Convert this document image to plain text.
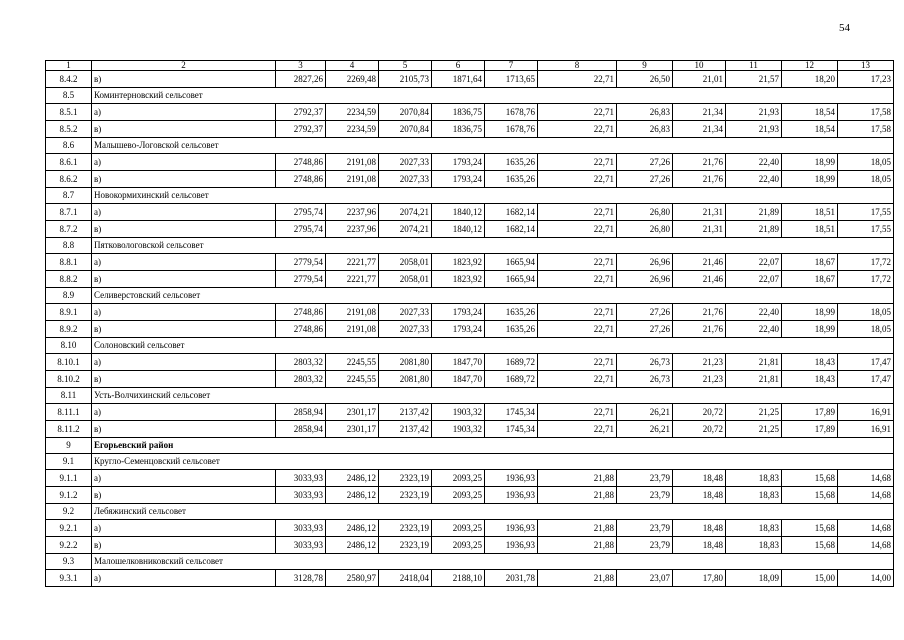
54
1	2	3	4	5	6	7	8	9	10	11	12	13
8.4.2	в)	2827,26	2269,48	2105,73	1871,64	1713,65	22,71	26,50	21,01	21,57	18,20	17,23
8.5	Коминтерновский сельсовет											
8.5.1	а)	2792,37	2234,59	2070,84	1836,75	1678,76	22,71	26,83	21,34	21,93	18,54	17,58
8.5.2	в)	2792,37	2234,59	2070,84	1836,75	1678,76	22,71	26,83	21,34	21,93	18,54	17,58
8.6	Малышево-Логовской сельсовет											
8.6.1	а)	2748,86	2191,08	2027,33	1793,24	1635,26	22,71	27,26	21,76	22,40	18,99	18,05
8.6.2	в)	2748,86	2191,08	2027,33	1793,24	1635,26	22,71	27,26	21,76	22,40	18,99	18,05
8.7	Новокормихинский сельсовет											
8.7.1	а)	2795,74	2237,96	2074,21	1840,12	1682,14	22,71	26,80	21,31	21,89	18,51	17,55
8.7.2	в)	2795,74	2237,96	2074,21	1840,12	1682,14	22,71	26,80	21,31	21,89	18,51	17,55
8.8	Пятковологовской сельсовет											
8.8.1	а)	2779,54	2221,77	2058,01	1823,92	1665,94	22,71	26,96	21,46	22,07	18,67	17,72
8.8.2	в)	2779,54	2221,77	2058,01	1823,92	1665,94	22,71	26,96	21,46	22,07	18,67	17,72
8.9	Селиверстовский сельсовет											
8.9.1	а)	2748,86	2191,08	2027,33	1793,24	1635,26	22,71	27,26	21,76	22,40	18,99	18,05
8.9.2	в)	2748,86	2191,08	2027,33	1793,24	1635,26	22,71	27,26	21,76	22,40	18,99	18,05
8.10	Солоновский сельсовет											
8.10.1	а)	2803,32	2245,55	2081,80	1847,70	1689,72	22,71	26,73	21,23	21,81	18,43	17,47
8.10.2	в)	2803,32	2245,55	2081,80	1847,70	1689,72	22,71	26,73	21,23	21,81	18,43	17,47
8.11	Усть-Волчихинский сельсовет											
8.11.1	а)	2858,94	2301,17	2137,42	1903,32	1745,34	22,71	26,21	20,72	21,25	17,89	16,91
8.11.2	в)	2858,94	2301,17	2137,42	1903,32	1745,34	22,71	26,21	20,72	21,25	17,89	16,91
9	Егорьевский район											
9.1	Кругло-Семенцовский сельсовет											
9.1.1	а)	3033,93	2486,12	2323,19	2093,25	1936,93	21,88	23,79	18,48	18,83	15,68	14,68
9.1.2	в)	3033,93	2486,12	2323,19	2093,25	1936,93	21,88	23,79	18,48	18,83	15,68	14,68
9.2	Лебяжинский сельсовет											
9.2.1	а)	3033,93	2486,12	2323,19	2093,25	1936,93	21,88	23,79	18,48	18,83	15,68	14,68
9.2.2	в)	3033,93	2486,12	2323,19	2093,25	1936,93	21,88	23,79	18,48	18,83	15,68	14,68
9.3	Малошелковниковский сельсовет											
9.3.1	а)	3128,78	2580,97	2418,04	2188,10	2031,78	21,88	23,07	17,80	18,09	15,00	14,00
